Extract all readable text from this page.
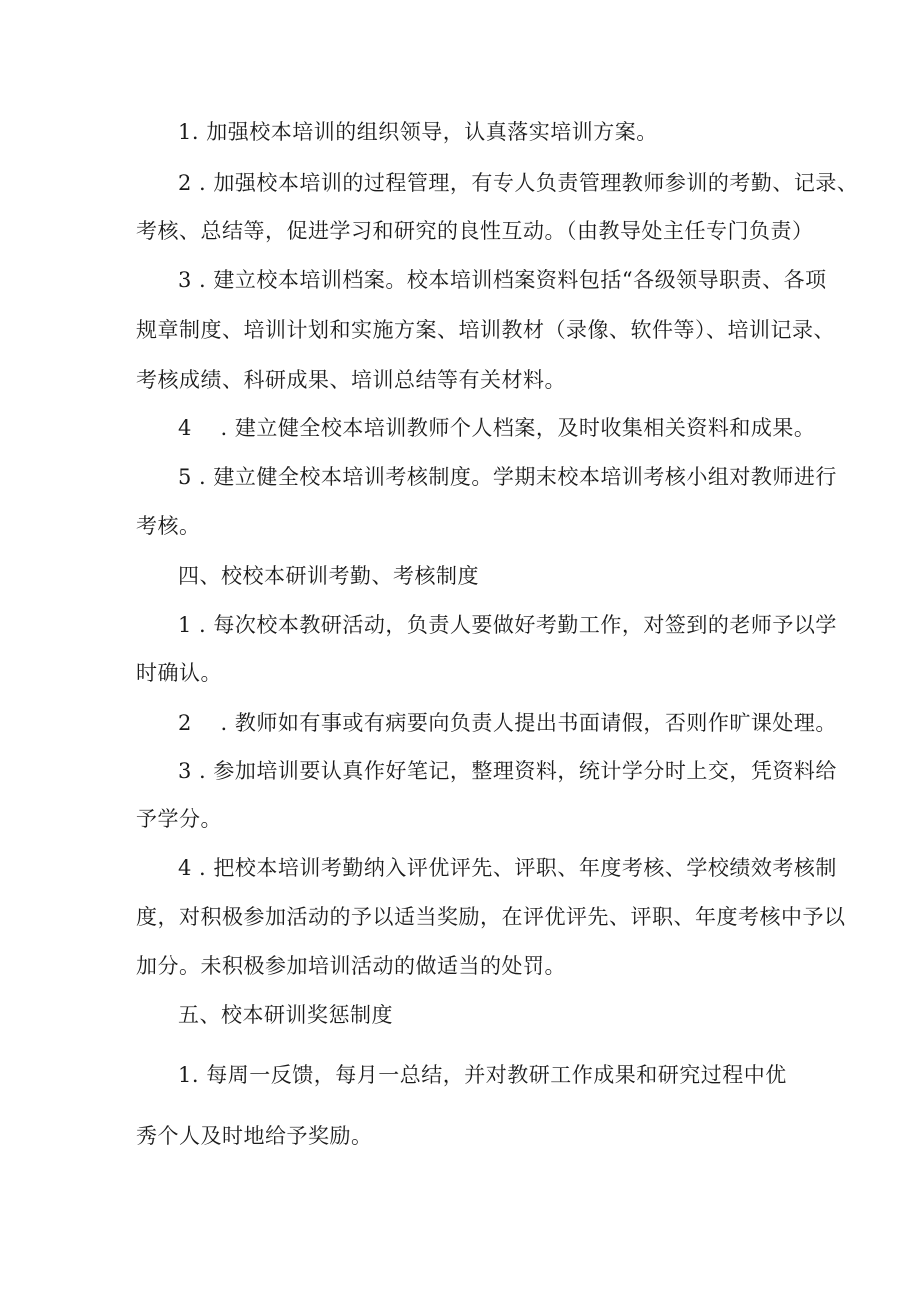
1. 加强校本培训的组织领导，认真落实培训方案。
2 . 加强校本培训的过程管理，有专人负责管理教师参训的考勤、记录、
考核、总结等，促进学习和研究的良性互动。（由教导处主任专门负责）
3 . 建立校本培训档案。校本培训档案资料包括“各级领导职责、各项
规章制度、培训计划和实施方案、培训教材（录像、软件等）、培训记录、
考核成绩、科研成果、培训总结等有关材料。
4 　. 建立健全校本培训教师个人档案，及时收集相关资料和成果。
5 . 建立健全校本培训考核制度。学期末校本培训考核小组对教师进行
考核。
四、校校本研训考勤、考核制度
1 . 每次校本教研活动，负责人要做好考勤工作，对签到的老师予以学
时确认。
2 　. 教师如有事或有病要向负责人提出书面请假，否则作旷课处理。
3 . 参加培训要认真作好笔记，整理资料，统计学分时上交，凭资料给
予学分。
4 . 把校本培训考勤纳入评优评先、评职、年度考核、学校绩效考核制
度，对积极参加活动的予以适当奖励，在评优评先、评职、年度考核中予以
加分。未积极参加培训活动的做适当的处罚。
五、校本研训奖惩制度
1. 每周一反馈，每月一总结，并对教研工作成果和研究过程中优
秀个人及时地给予奖励。
